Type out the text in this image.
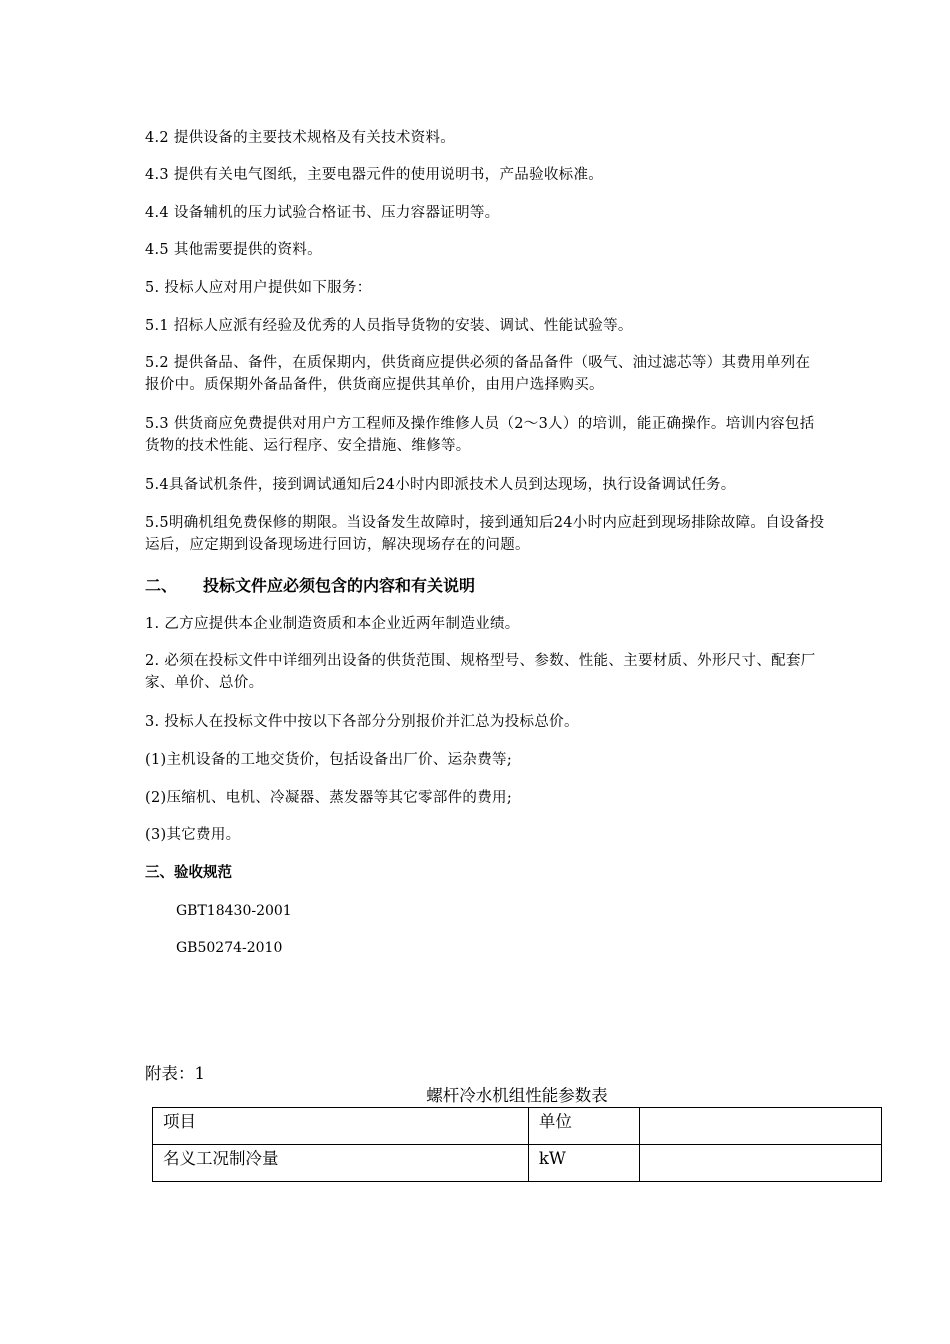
4.2 提供设备的主要技术规格及有关技术资料。

4.3 提供有关电气图纸，主要电器元件的使用说明书，产品验收标准。

4.4 设备辅机的压力试验合格证书、压力容器证明等。

4.5 其他需要提供的资料。

5. 投标人应对用户提供如下服务：

5.1 招标人应派有经验及优秀的人员指导货物的安装、调试、性能试验等。

5.2 提供备品、备件，在质保期内，供货商应提供必须的备品备件（吸气、油过滤芯等）其费用单列在报价中。质保期外备品备件，供货商应提供其单价，由用户选择购买。

5.3 供货商应免费提供对用户方工程师及操作维修人员（2～3人）的培训，能正确操作。培训内容包括货物的技术性能、运行程序、安全措施、维修等。

5.4具备试机条件，接到调试通知后24小时内即派技术人员到达现场，执行设备调试任务。

5.5明确机组免费保修的期限。当设备发生故障时，接到通知后24小时内应赶到现场排除故障。自设备投运后，应定期到设备现场进行回访，解决现场存在的问题。

二、 投标文件应必须包含的内容和有关说明

1. 乙方应提供本企业制造资质和本企业近两年制造业绩。

2. 必须在投标文件中详细列出设备的供货范围、规格型号、参数、性能、主要材质、外形尺寸、配套厂家、单价、总价。

3. 投标人在投标文件中按以下各部分分别报价并汇总为投标总价。

(1)主机设备的工地交货价，包括设备出厂价、运杂费等;

(2)压缩机、电机、冷凝器、蒸发器等其它零部件的费用;

(3)其它费用。

三、验收规范

GBT18430-2001

GB50274-2010

附表：1

螺杆冷水机组性能参数表

项目	单位	
名义工况制冷量	kW	
